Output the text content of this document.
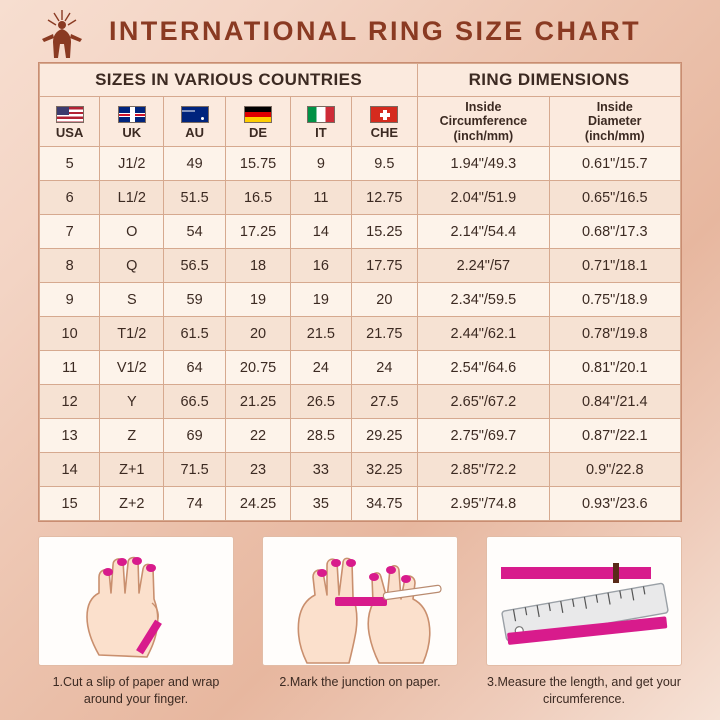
INTERNATIONAL RING SIZE CHART
SIZES IN VARIOUS COUNTRIES						RING DIMENSIONS	

USA	UK	AU	DE	IT	CHE

Inside
Circumference
(inch/mm)

Inside
Diameter
(inch/mm)

5	J1/2	49	15.75	9	9.5	1.94"/49.3	0.61"/15.7
6	L1/2	51.5	16.5	11	12.75	2.04"/51.9	0.65"/16.5
7	O	54	17.25	14	15.25	2.14"/54.4	0.68"/17.3
8	Q	56.5	18	16	17.75	2.24"/57	0.71"/18.1
9	S	59	19	19	20	2.34"/59.5	0.75"/18.9
10	T1/2	61.5	20	21.5	21.75	2.44"/62.1	0.78"/19.8
11	V1/2	64	20.75	24	24	2.54"/64.6	0.81"/20.1
12	Y	66.5	21.25	26.5	27.5	2.65"/67.2	0.84"/21.4
13	Z	69	22	28.5	29.25	2.75"/69.7	0.87"/22.1
14	Z+1	71.5	23	33	32.25	2.85"/72.2	0.9"/22.8
15	Z+2	74	24.25	35	34.75	2.95"/74.8	0.93"/23.6
1.Cut a slip of paper and wrap around your finger.
2.Mark the junction on paper.	3.Measure the length, and get your circumference.
